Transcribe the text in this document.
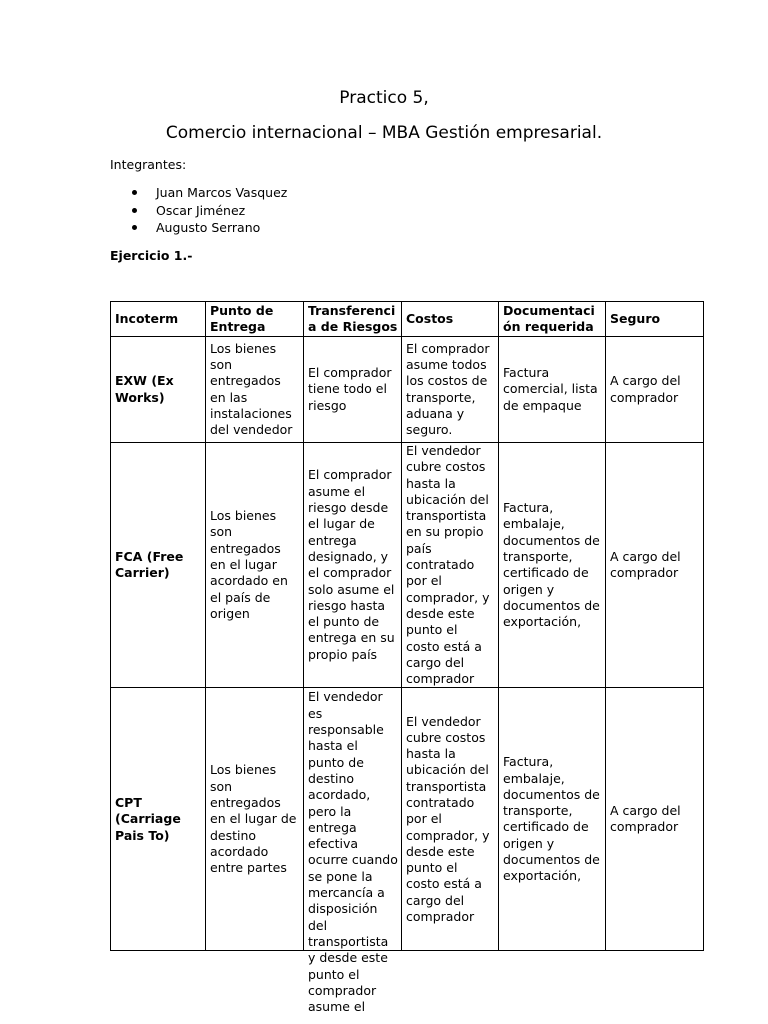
Practico 5,
Comercio internacional – MBA Gestión empresarial.
Integrantes:
Juan Marcos Vasquez
Oscar Jiménez
Augusto Serrano
Ejercicio 1.-
Incoterm	Punto de Entrega	Transferencia de Riesgos	Costos	Documentación requerida	Seguro
EXW (Ex Works)	Los bienes son entregados en las instalaciones del vendedor	El comprador tiene todo el riesgo	El comprador asume todos los costos de transporte, aduana y seguro.	Factura comercial, lista de empaque	A cargo del comprador
FCA (Free Carrier)	Los bienes son entregados en el lugar acordado en el país de origen	El comprador asume el riesgo desde el lugar de entrega designado, y el comprador solo asume el riesgo hasta el punto de entrega en su propio país	El vendedor cubre costos hasta la ubicación del transportista en su propio país contratado por el comprador, y desde este punto el costo está a cargo del comprador	Factura, embalaje, documentos de transporte, certificado de origen y documentos de exportación,	A cargo del comprador
CPT (Carriage Pais To)	Los bienes son entregados en el lugar de destino acordado entre partes	El vendedor es responsable hasta el punto de destino acordado, pero la entrega efectiva ocurre cuando se pone la mercancía a disposición del transportista y desde este punto el comprador asume el	El vendedor cubre costos hasta la ubicación del transportista contratado por el comprador, y desde este punto el costo está a cargo del comprador	Factura, embalaje, documentos de transporte, certificado de origen y documentos de exportación,	A cargo del comprador
